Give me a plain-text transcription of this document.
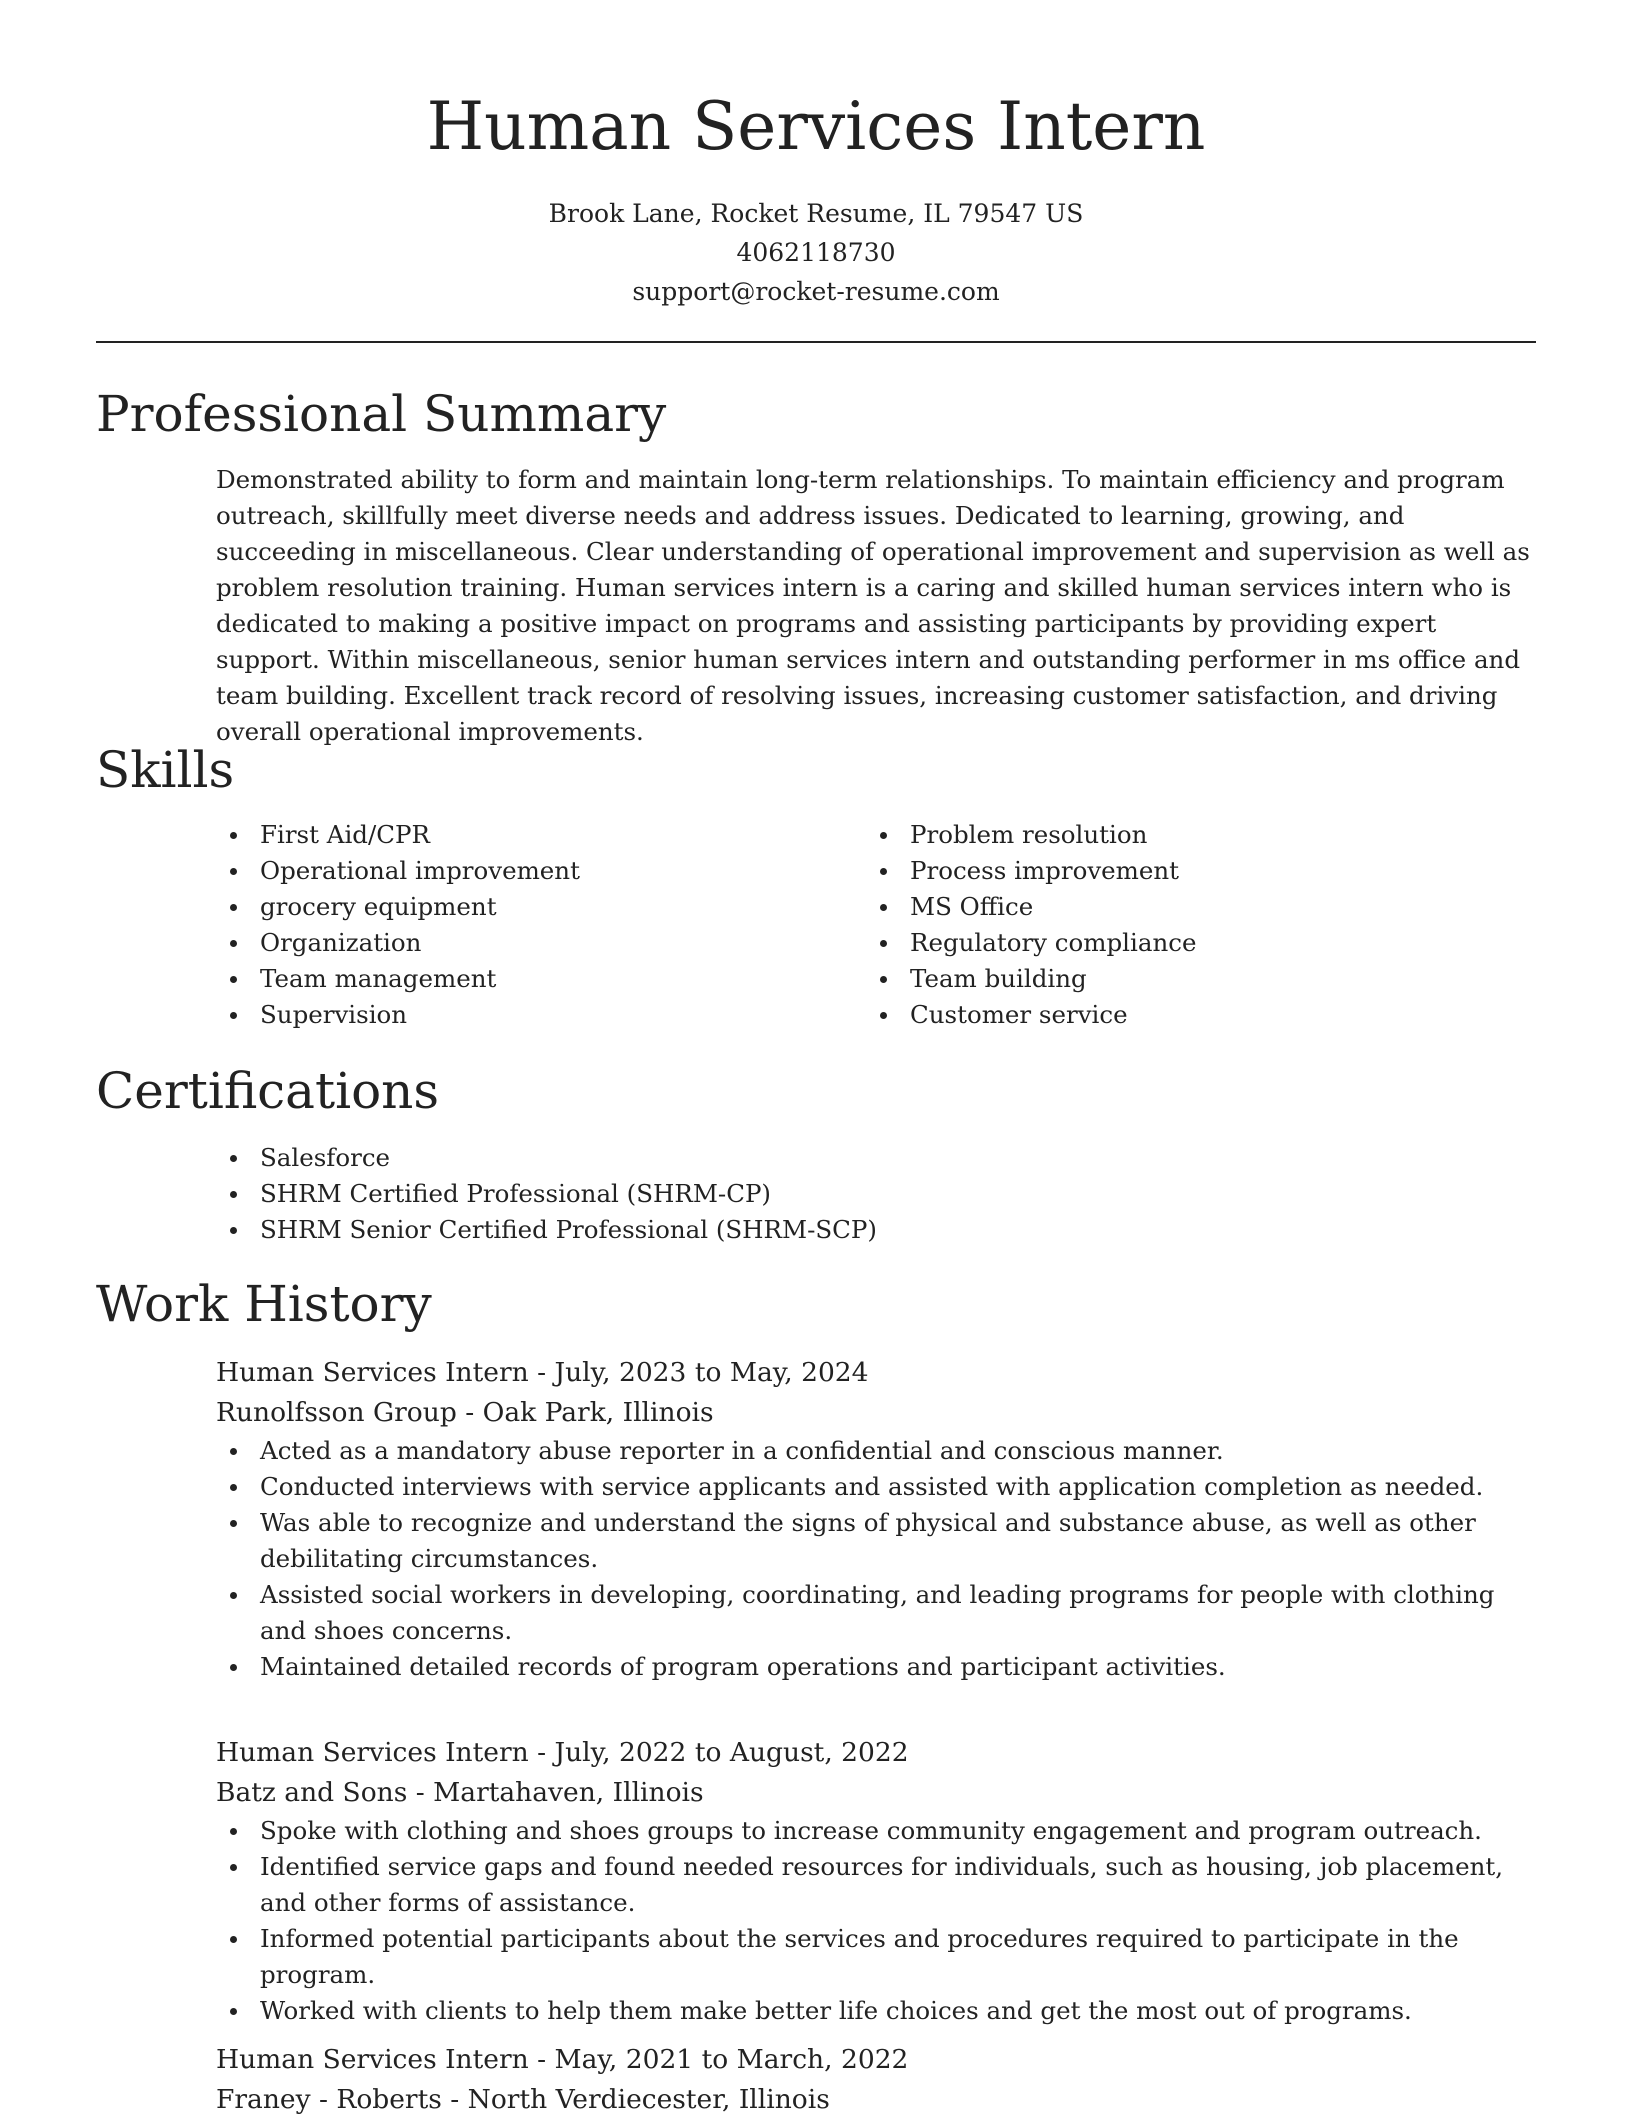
Human Services Intern
Brook Lane, Rocket Resume, IL 79547 US
4062118730
support@rocket-resume.com
Professional Summary

Demonstrated ability to form and maintain long-term relationships. To maintain efficiency and program outreach, skillfully meet diverse needs and address issues. Dedicated to learning, growing, and succeeding in miscellaneous. Clear understanding of operational improvement and supervision as well as problem resolution training. Human services intern is a caring and skilled human services intern who is dedicated to making a positive impact on programs and assisting participants by providing expert support. Within miscellaneous, senior human services intern and outstanding performer in ms office and team building. Excellent track record of resolving issues, increasing customer satisfaction, and driving overall operational improvements.

Skills
First Aid/CPR
Operational improvement
grocery equipment
Organization
Team management
Supervision
Problem resolution
Process improvement
MS Office
Regulatory compliance
Team building
Customer service
Certifications
Salesforce
SHRM Certified Professional (SHRM-CP)
SHRM Senior Certified Professional (SHRM-SCP)
Work History
Human Services Intern - July, 2023 to May, 2024
Runolfsson Group - Oak Park, Illinois
Acted as a mandatory abuse reporter in a confidential and conscious manner.
Conducted interviews with service applicants and assisted with application completion as needed.
Was able to recognize and understand the signs of physical and substance abuse, as well as other debilitating circumstances.
Assisted social workers in developing, coordinating, and leading programs for people with clothing and shoes concerns.
Maintained detailed records of program operations and participant activities.
Human Services Intern - July, 2022 to August, 2022
Batz and Sons - Martahaven, Illinois
Spoke with clothing and shoes groups to increase community engagement and program outreach.
Identified service gaps and found needed resources for individuals, such as housing, job placement, and other forms of assistance.
Informed potential participants about the services and procedures required to participate in the program.
Worked with clients to help them make better life choices and get the most out of programs.
Human Services Intern - May, 2021 to March, 2022
Franey - Roberts - North Verdiecester, Illinois
